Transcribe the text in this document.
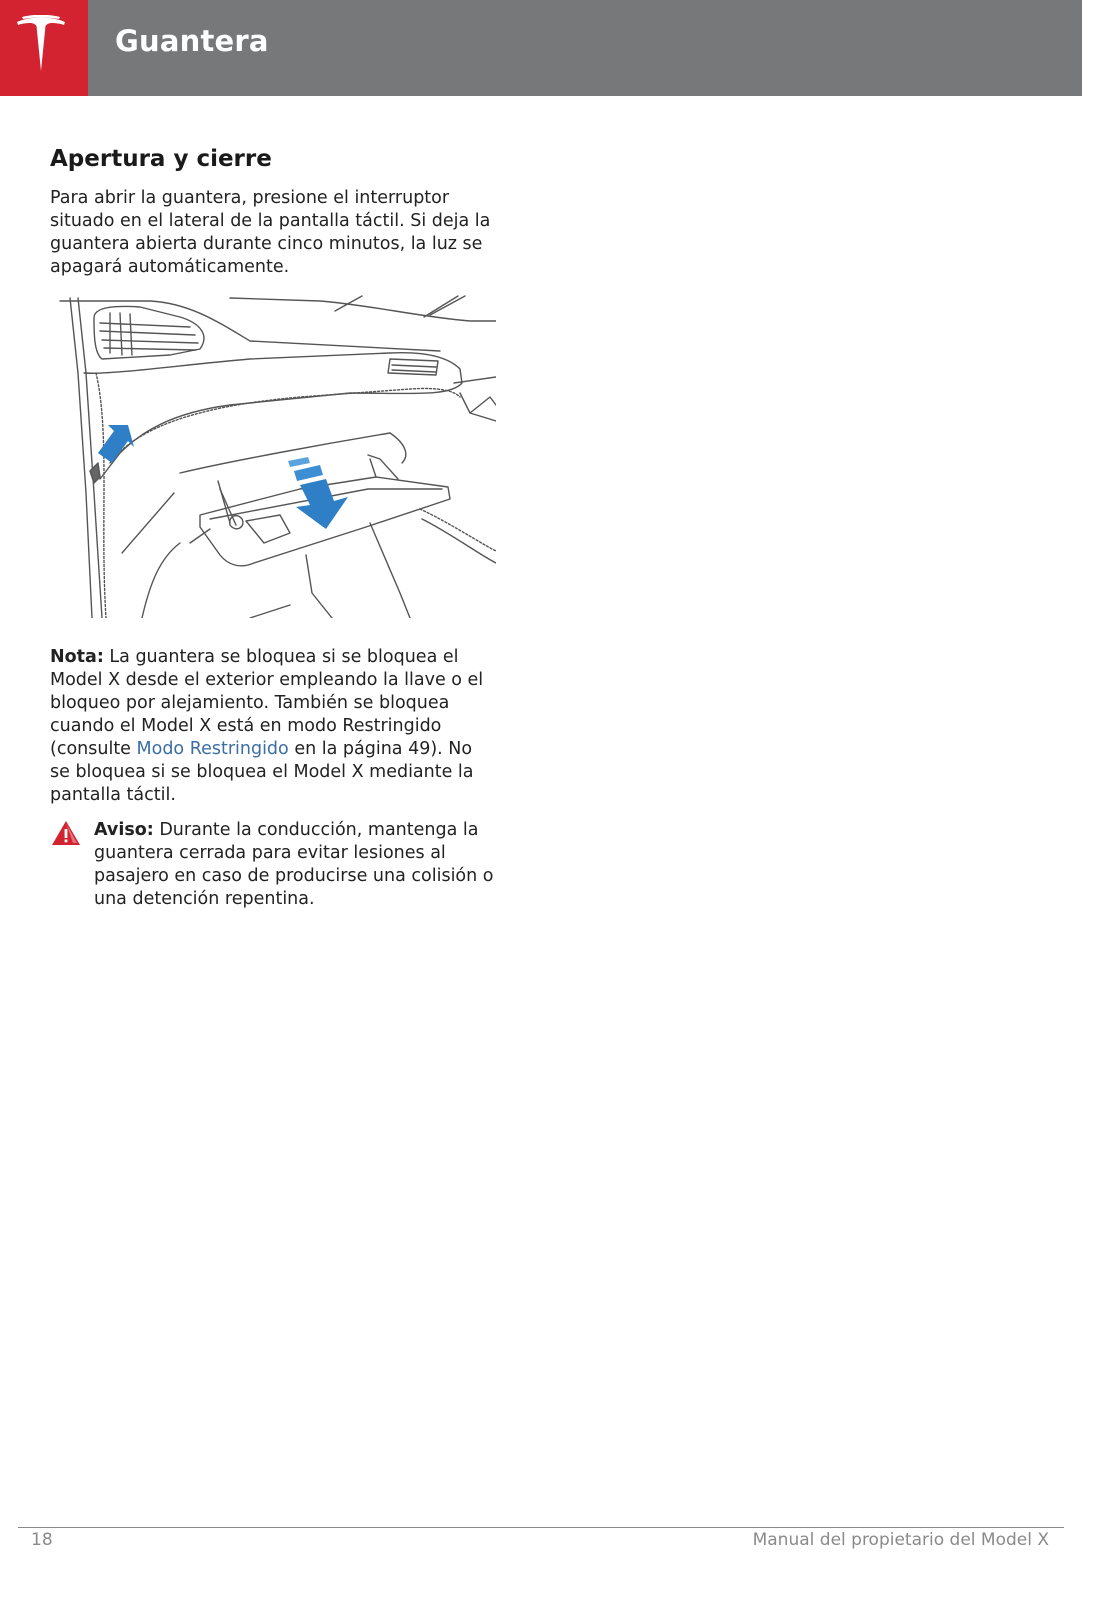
Guantera
Apertura y cierre

Para abrir la guantera, presione el interruptor situado en el lateral de la pantalla táctil. Si deja la guantera abierta durante cinco minutos, la luz se apagará automáticamente.

Nota: La guantera se bloquea si se bloquea el Model X desde el exterior empleando la llave o el bloqueo por alejamiento. También se bloquea cuando el Model X está en modo Restringido (consulte Modo Restringido en la página 49). No se bloquea si se bloquea el Model X mediante la pantalla táctil.
Aviso: Durante la conducción, mantenga la guantera cerrada para evitar lesiones al pasajero en caso de producirse una colisión o una detención repentina.
18	Manual del propietario del Model X
